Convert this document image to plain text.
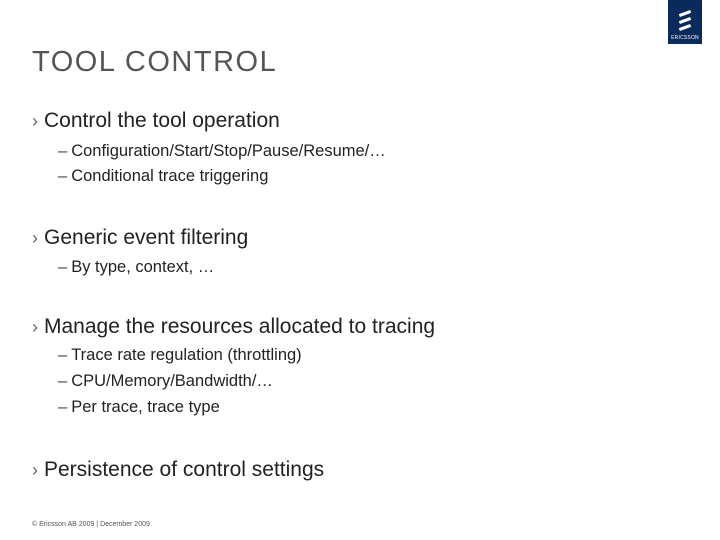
TOOL CONTROL
ERICSSON
› Control the tool operation
– Configuration/Start/Stop/Pause/Resume/…
– Conditional trace triggering
› Generic event filtering
– By type, context, …
› Manage the resources allocated to tracing
– Trace rate regulation (throttling)
– CPU/Memory/Bandwidth/…
– Per trace, trace type
› Persistence of control settings
© Ericsson AB 2009 | December 2009
